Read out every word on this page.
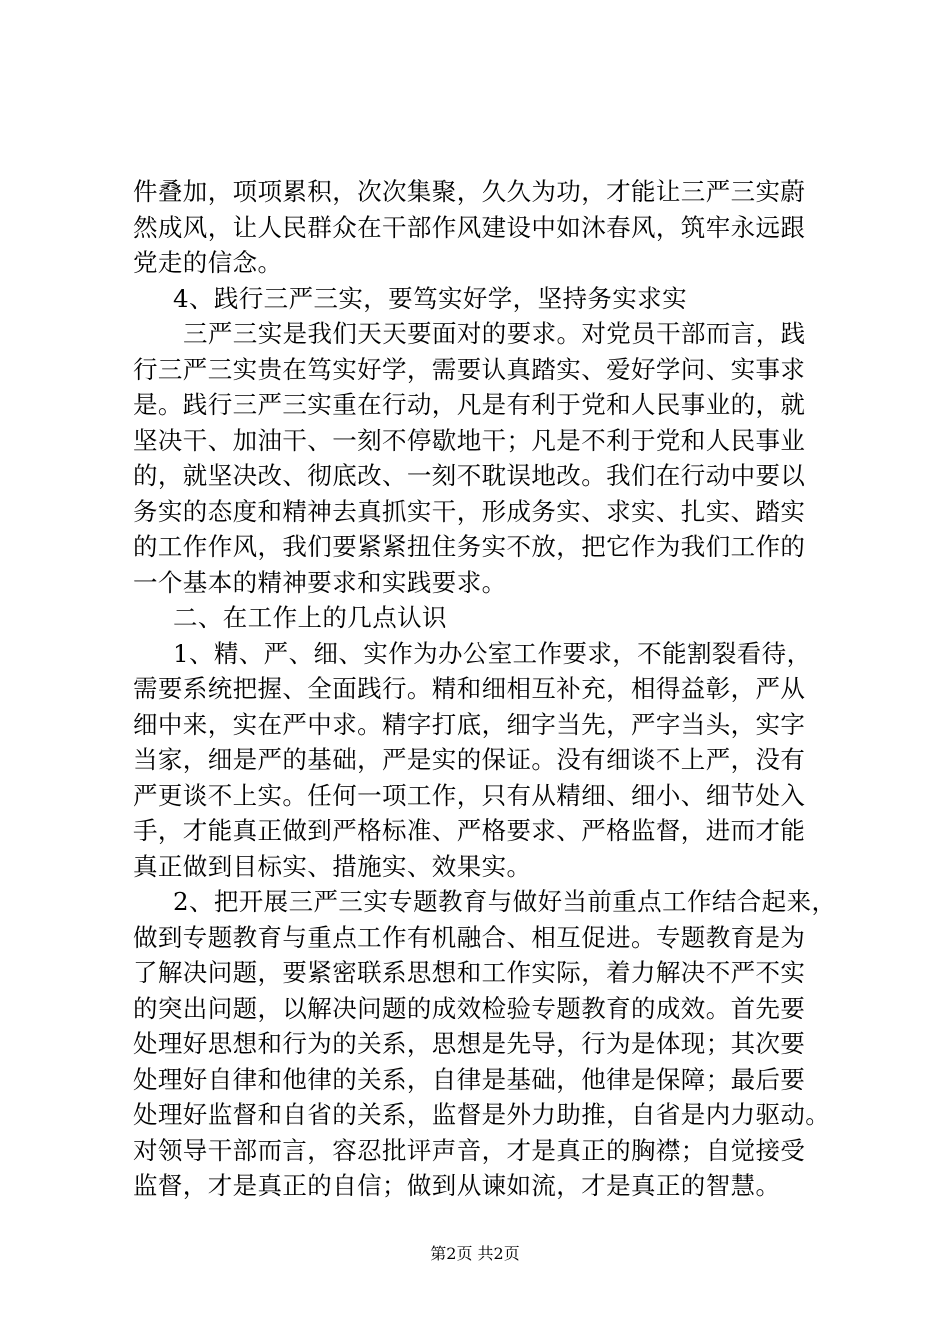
件叠加，项项累积，次次集聚，久久为功，才能让三严三实蔚
然成风，让人民群众在干部作风建设中如沐春风，筑牢永远跟
党走的信念。
4、践行三严三实，要笃实好学，坚持务实求实
三严三实是我们天天要面对的要求。对党员干部而言，践
行三严三实贵在笃实好学，需要认真踏实、爱好学问、实事求
是。践行三严三实重在行动，凡是有利于党和人民事业的，就
坚决干、加油干、一刻不停歇地干；凡是不利于党和人民事业
的，就坚决改、彻底改、一刻不耽误地改。我们在行动中要以
务实的态度和精神去真抓实干，形成务实、求实、扎实、踏实
的工作作风，我们要紧紧扭住务实不放，把它作为我们工作的
一个基本的精神要求和实践要求。
二、在工作上的几点认识
1、精、严、细、实作为办公室工作要求，不能割裂看待，
需要系统把握、全面践行。精和细相互补充，相得益彰，严从
细中来，实在严中求。精字打底，细字当先，严字当头，实字
当家，细是严的基础，严是实的保证。没有细谈不上严，没有
严更谈不上实。任何一项工作，只有从精细、细小、细节处入
手，才能真正做到严格标准、严格要求、严格监督，进而才能
真正做到目标实、措施实、效果实。
2、把开展三严三实专题教育与做好当前重点工作结合起来，
做到专题教育与重点工作有机融合、相互促进。专题教育是为
了解决问题，要紧密联系思想和工作实际，着力解决不严不实
的突出问题，以解决问题的成效检验专题教育的成效。首先要
处理好思想和行为的关系，思想是先导，行为是体现；其次要
处理好自律和他律的关系，自律是基础，他律是保障；最后要
处理好监督和自省的关系，监督是外力助推，自省是内力驱动。
对领导干部而言，容忍批评声音，才是真正的胸襟；自觉接受
监督，才是真正的自信；做到从谏如流，才是真正的智慧。
第2页 共2页
